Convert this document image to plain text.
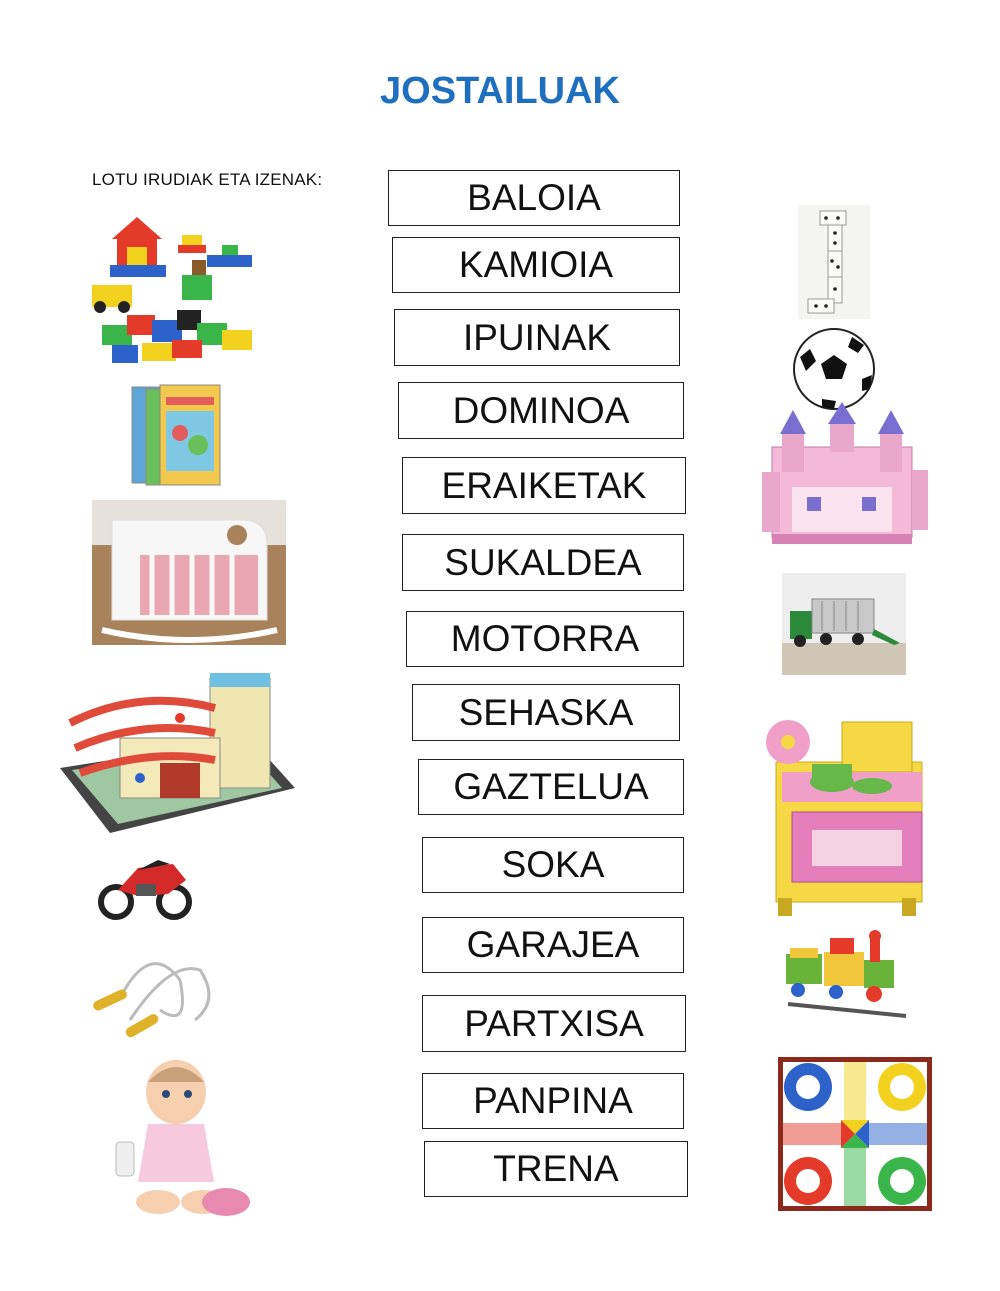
JOSTAILUAK
LOTU IRUDIAK ETA IZENAK:	BALOIA
KAMIOIA
IPUINAK
DOMINOA
ERAIKETAK
SUKALDEA
MOTORRA
SEHASKA
GAZTELUA
SOKA
GARAJEA
PARTXISA
PANPINA
TRENA
